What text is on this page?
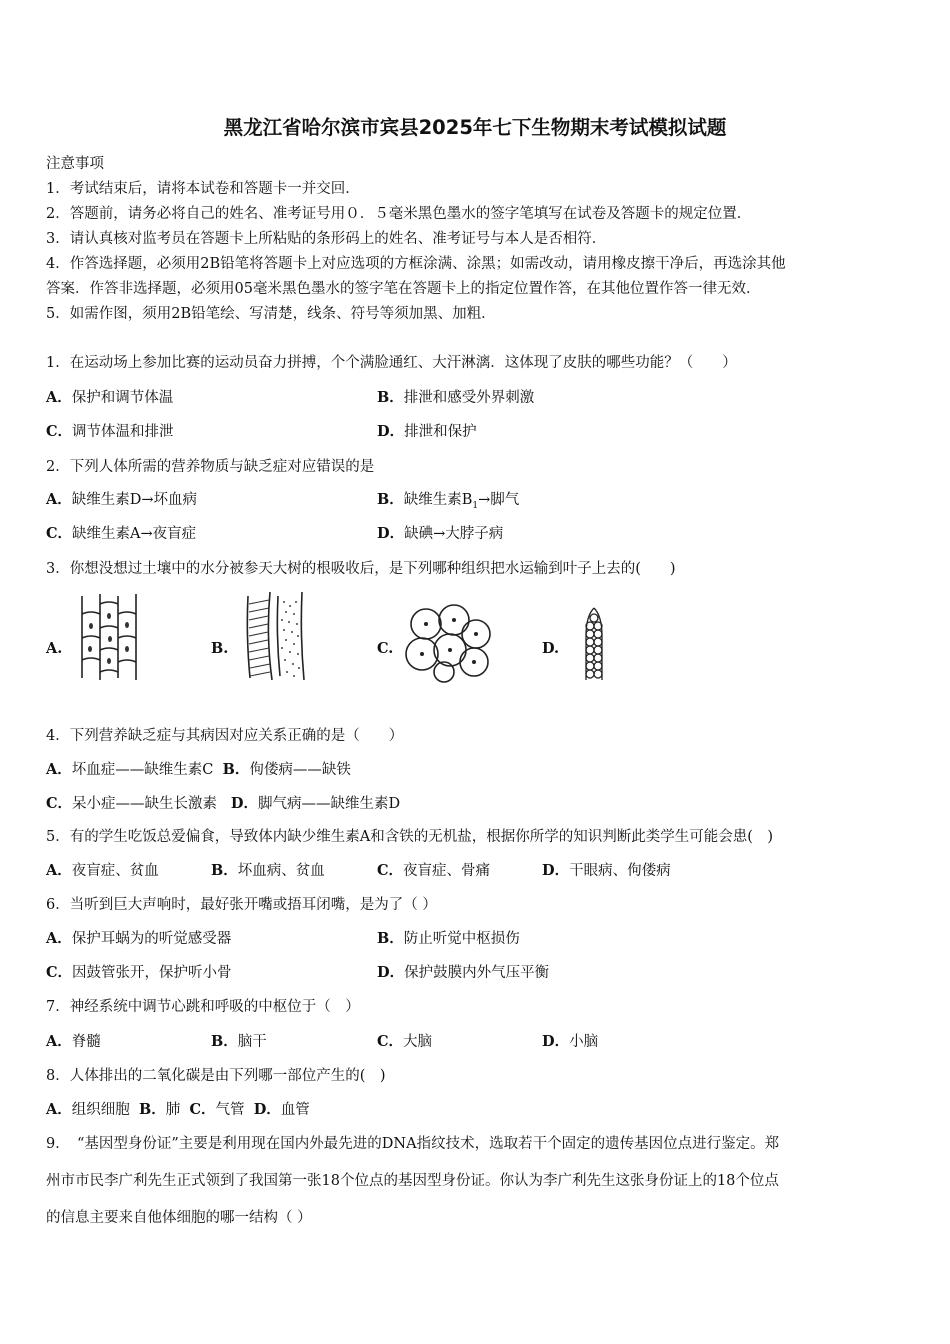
黑龙江省哈尔滨市宾县2025年七下生物期末考试模拟试题
注意事项
1．考试结束后，请将本试卷和答题卡一并交回．
2．答题前，请务必将自己的姓名、准考证号用０．５毫米黑色墨水的签字笔填写在试卷及答题卡的规定位置．
3．请认真核对监考员在答题卡上所粘贴的条形码上的姓名、准考证号与本人是否相符．
4．作答选择题，必须用2B铅笔将答题卡上对应选项的方框涂满、涂黑；如需改动，请用橡皮擦干净后，再选涂其他
答案．作答非选择题，必须用05毫米黑色墨水的签字笔在答题卡上的指定位置作答，在其他位置作答一律无效．
5．如需作图，须用2B铅笔绘、写清楚，线条、符号等须加黑、加粗．
1．在运动场上参加比赛的运动员奋力拼搏，个个满脸通红、大汗淋漓．这体现了皮肤的哪些功能？（　　）
A．保护和调节体温	B．排泄和感受外界刺激
C．调节体温和排泄	D．排泄和保护
2．下列人体所需的营养物质与缺乏症对应错误的是
A．缺维生素D→坏血病	B．缺维生素$B_1\to$脚气
C．缺维生素A→夜盲症	D．缺碘→大脖子病
3．你想没想过土壤中的水分被参天大树的根吸收后，是下列哪种组织把水运输到叶子上去的(　　)
A.	B.	C.	D.
4．下列营养缺乏症与其病因对应关系正确的是（　　）
A．坏血症——缺维生素C B．佝偻病——缺铁
C．呆小症——缺生长激素 D．脚气病——缺维生素D
5．有的学生吃饭总爱偏食，导致体内缺少维生素A和含铁的无机盐，根据你所学的知识判断此类学生可能会患(　)
A．夜盲症、贫血	B．坏血病、贫血	C．夜盲症、骨痛	D．干眼病、佝偻病
6．当听到巨大声响时，最好张开嘴或捂耳闭嘴，是为了（ ）
A．保护耳蜗为的听觉感受器	B．防止听觉中枢损伤
C．因鼓管张开，保护听小骨	D．保护鼓膜内外气压平衡
7．神经系统中调节心跳和呼吸的中枢位于（　）
A．脊髓	B．脑干	C．大脑	D．小脑
8．人体排出的二氧化碳是由下列哪一部位产生的(　)
A．组织细胞 B．肺 C．气管 D．血管
9．　“基因型身份证”主要是利用现在国内外最先进的DNA指纹技术，选取若干个固定的遗传基因位点进行鉴定。郑
州市市民李广利先生正式领到了我国第一张18个位点的基因型身份证。你认为李广利先生这张身份证上的18个位点
的信息主要来自他体细胞的哪一结构（ ）
